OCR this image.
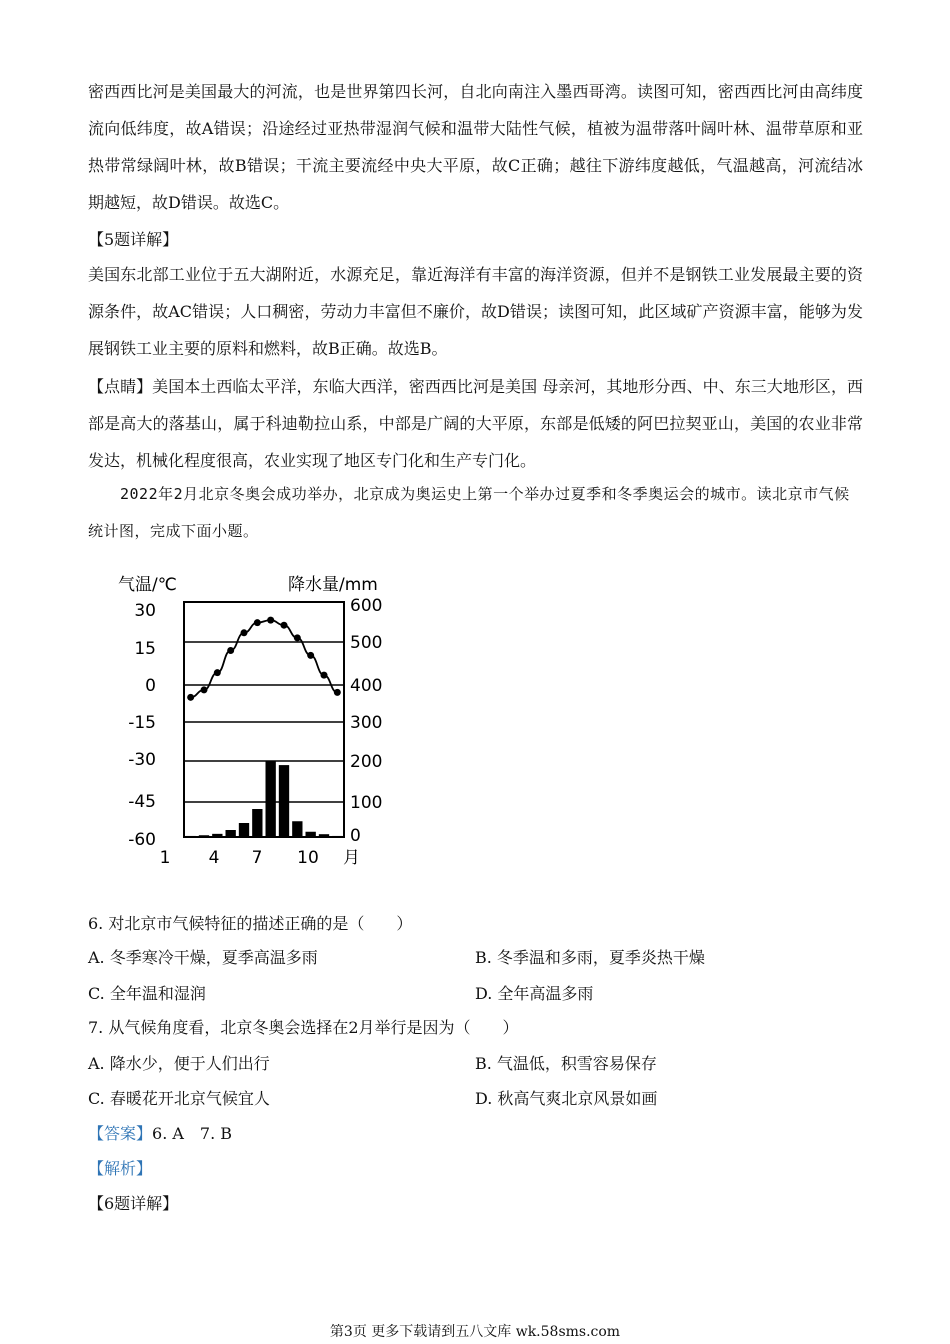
密西西比河是美国最大的河流，也是世界第四长河，自北向南注入墨西哥湾。读图可知，密西西比河由高纬度流向低纬度，故A错误；沿途经过亚热带湿润气候和温带大陆性气候，植被为温带落叶阔叶林、温带草原和亚热带常绿阔叶林，故B错误；干流主要流经中央大平原，故C正确；越往下游纬度越低，气温越高，河流结冰期越短，故D错误。故选C。

【5题详解】

美国东北部工业位于五大湖附近，水源充足，靠近海洋有丰富的海洋资源，但并不是钢铁工业发展最主要的资源条件，故AC错误；人口稠密，劳动力丰富但不廉价，故D错误；读图可知，此区域矿产资源丰富，能够为发展钢铁工业主要的原料和燃料，故B正确。故选B。

【点睛】美国本土西临太平洋，东临大西洋，密西西比河是美国 母亲河，其地形分西、中、东三大地形区，西部是高大的落基山，属于科迪勒拉山系，中部是广阔的大平原，东部是低矮的阿巴拉契亚山，美国的农业非常发达，机械化程度很高，农业实现了地区专门化和生产专门化。

2022年2月北京冬奥会成功举办，北京成为奥运史上第一个举办过夏季和冬季奥运会的城市。读北京市气候统计图，完成下面小题。

气温/℃	降水量/mm
30
15
0
-15
-30
-45
-60
600
500
400
300
200
100
0
1 4 7 10 月

6. 对北京市气候特征的描述正确的是（　　）

A. 冬季寒冷干燥，夏季高温多雨	B. 冬季温和多雨，夏季炎热干燥

C. 全年温和湿润	D. 全年高温多雨

7. 从气候角度看，北京冬奥会选择在2月举行是因为（　　）

A. 降水少，便于人们出行	B. 气温低，积雪容易保存

C. 春暖花开北京气候宜人	D. 秋高气爽北京风景如画

【答案】6. A　7. B

【解析】

【6题详解】

第3页 更多下载请到五八文库 wk.58sms.com
